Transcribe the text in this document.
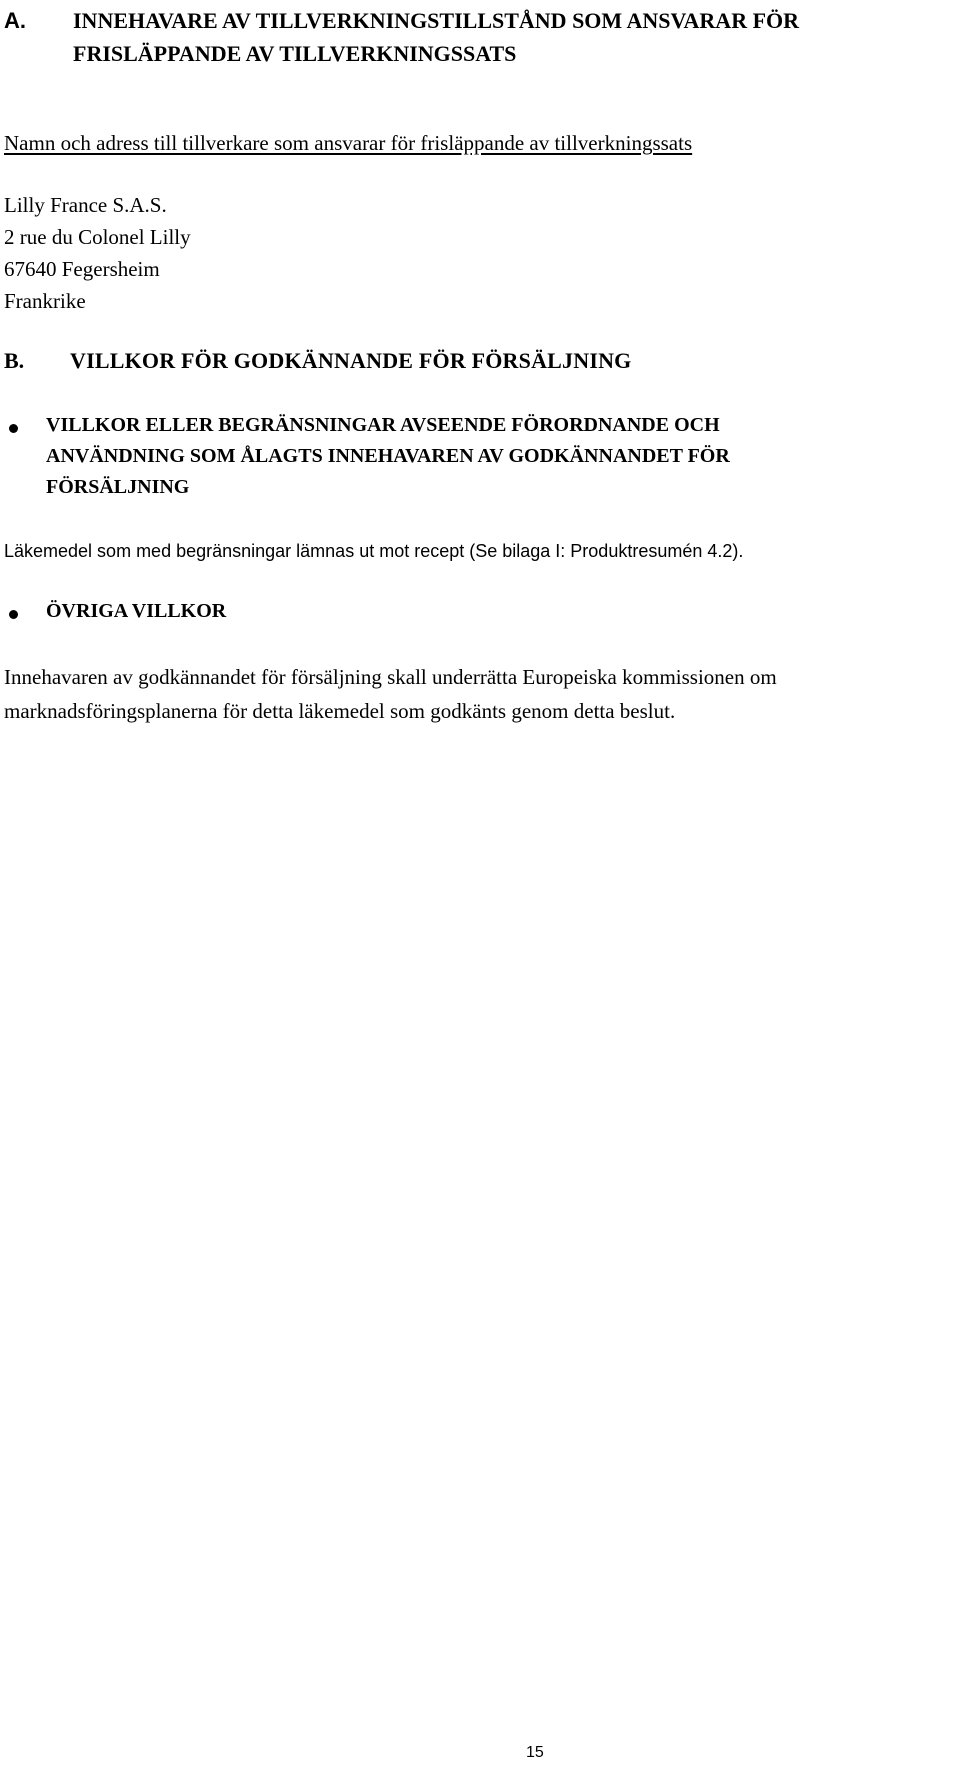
A. INNEHAVARE AV TILLVERKNINGSTILLSTÅND SOM ANSVARAR FÖR
FRISLÄPPANDE AV TILLVERKNINGSSATS
Namn och adress till tillverkare som ansvarar för frisläppande av tillverkningssats
Lilly France S.A.S.
2 rue du Colonel Lilly
67640 Fegersheim
Frankrike
B. VILLKOR FÖR GODKÄNNANDE FÖR FÖRSÄLJNING
VILLKOR ELLER BEGRÄNSNINGAR AVSEENDE FÖRORDNANDE OCH
ANVÄNDNING SOM ÅLAGTS INNEHAVAREN AV GODKÄNNANDET FÖR
FÖRSÄLJNING
Läkemedel som med begränsningar lämnas ut mot recept (Se bilaga I: Produktresumén 4.2).
ÖVRIGA VILLKOR
Innehavaren av godkännandet för försäljning skall underrätta Europeiska kommissionen om
marknadsföringsplanerna för detta läkemedel som godkänts genom detta beslut.
15
